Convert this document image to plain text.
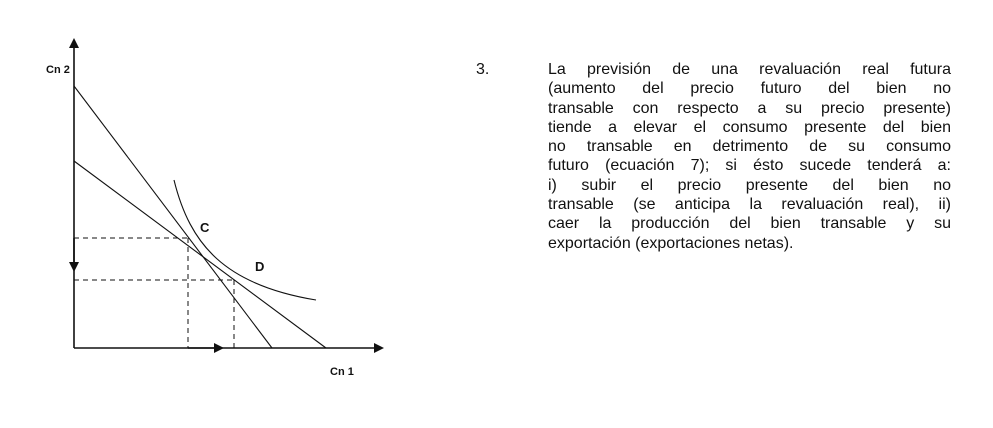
Cn 2
Cn 1
C
D
3.	La previsión de una revaluación real futura
(aumento del precio futuro del bien no
transable con respecto a su precio presente)
tiende a elevar el consumo presente del bien
no transable en detrimento de su consumo
futuro (ecuación 7); si ésto sucede tenderá a:
i) subir el precio presente del bien no
transable (se anticipa la revaluación real), ii)
caer la producción del bien transable y su
exportación (exportaciones netas).
